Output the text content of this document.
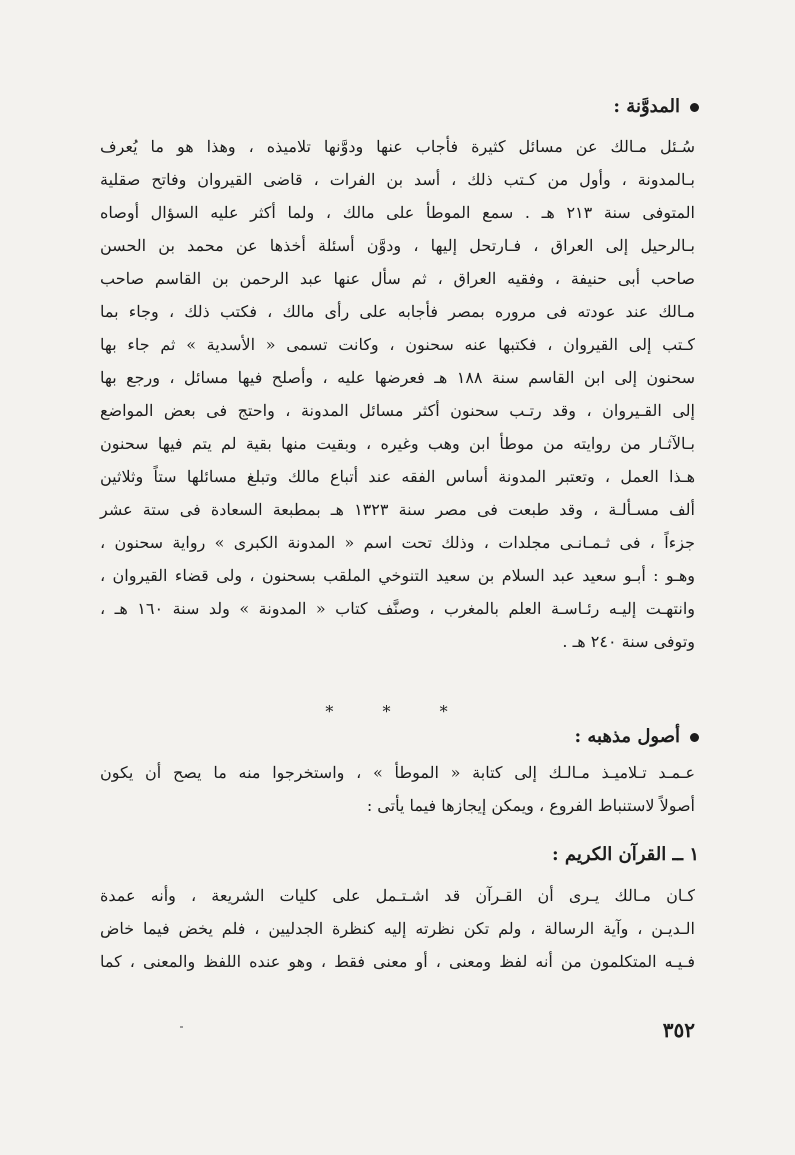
المدوَّنة :
سُـئل مـالك عن مسائل كثيرة فأجاب عنها ودوَّنها تلاميذه ، وهذا هو ما يُعرف
بـالمدونة ، وأول من كـتب ذلك ، أسد بن الفرات ، قاضى القيروان وفاتح صقلية
المتوفى سنة ٢١٣ هـ . سمع الموطأ على مالك ، ولما أكثر عليه السؤال أوصاه
بـالرحيل إلى العراق ، فـارتحل إليها ، ودوَّن أسئلة أخذها عن محمد بن الحسن
صاحب أبى حنيفة ، وفقيه العراق ، ثم سأل عنها عبد الرحمن بن القاسم صاحب
مـالك عند عودته فى مروره بمصر فأجابه على رأى مالك ، فكتب ذلك ، وجاء بما
كـتب إلى القيروان ، فكتبها عنه سحنون ، وكانت تسمى « الأسدية » ثم جاء بها
سحنون إلى ابن القاسم سنة ١٨٨ هـ فعرضها عليه ، وأصلح فيها مسائل ، ورجع بها
إلى القـيروان ، وقد رتـب سحنون أكثر مسائل المدونة ، واحتج فى بعض المواضع
بـالآثـار من روايته من موطأ ابن وهب وغيره ، وبقيت منها بقية لم يتم فيها سحنون
هـذا العمل ، وتعتبر المدونة أساس الفقه عند أتباع مالك وتبلغ مسائلها ستاً وثلاثين
ألف مسـألـة ، وقد طبعت فى مصر سنة ١٣٢٣ هـ بمطبعة السعادة فى ستة عشر
جزءاً ، فى ثـمـانـى مجلدات ، وذلك تحت اسم « المدونة الكبرى » رواية سحنون ،
وهـو : أبـو سعيد عبد السلام بن سعيد التنوخي الملقب بسحنون ، ولى قضاء القيروان ،
وانتهـت إليـه رئـاسـة العلم بالمغرب ، وصنَّف كتاب « المدونة » ولد سنة ١٦٠ هـ ،
وتوفى سنة ٢٤٠ هـ .
* * *
أصول مذهبه :
عـمـد تـلاميـذ مـالـك إلى كتابة « الموطأ » ، واستخرجوا منه ما يصح أن يكون
أصولاً لاستنباط الفروع ، ويمكن إيجازها فيما يأتى :
١ ــ القرآن الكريم :
كـان مـالك يـرى أن القـرآن قد اشـتـمل على كليات الشريعة ، وأنه عمدة
الـديـن ، وآية الرسالة ، ولم تكن نظرته إليه كنظرة الجدليين ، فلم يخض فيما خاض
فـيـه المتكلمون من أنه لفظ ومعنى ، أو معنى فقط ، وهو عنده اللفظ والمعنى ، كما
٣٥٢
